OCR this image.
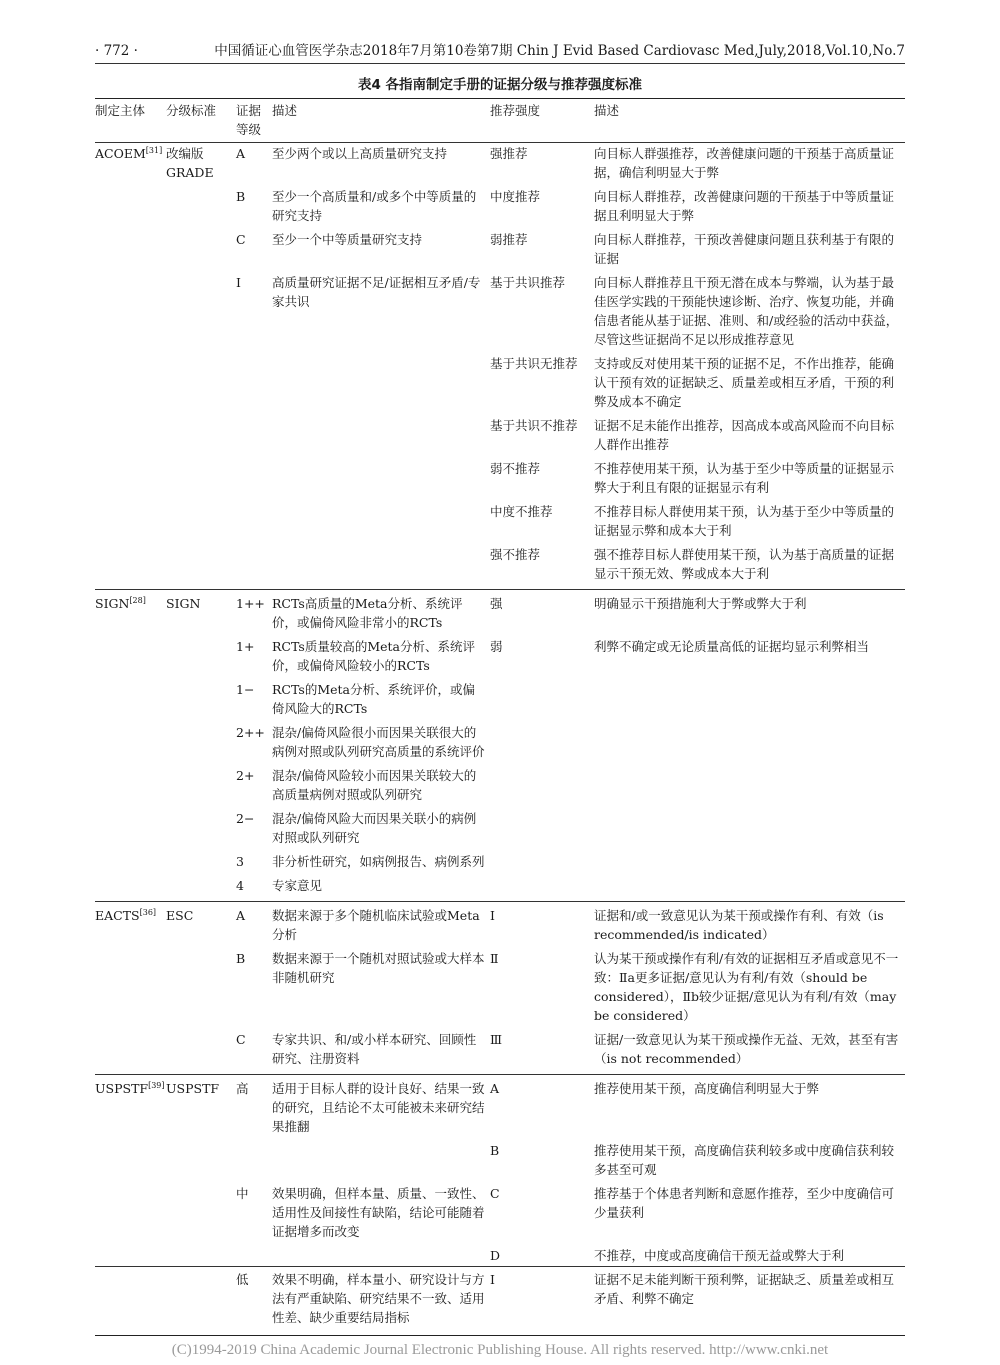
· 772 ·	中国循证心血管医学杂志2018年7月第10卷第7期 Chin J Evid Based Cardiovasc Med,July,2018,Vol.10,No.7
表4 各指南制定手册的证据分级与推荐强度标准
制定主体	分级标准	证据等级	描述	推荐强度	描述
ACOEM[31]	改编版GRADE	A	至少两个或以上高质量研究支持	强推荐	向目标人群强推荐，改善健康问题的干预基于高质量证据，确信利明显大于弊
		B	至少一个高质量和/或多个中等质量的研究支持	中度推荐	向目标人群推荐，改善健康问题的干预基于中等质量证据且利明显大于弊
		C	至少一个中等质量研究支持	弱推荐	向目标人群推荐，干预改善健康问题且获利基于有限的证据
		I	高质量研究证据不足/证据相互矛盾/专家共识	基于共识推荐	向目标人群推荐且干预无潜在成本与弊端，认为基于最佳医学实践的干预能快速诊断、治疗、恢复功能，并确信患者能从基于证据、准则、和/或经验的活动中获益，尽管这些证据尚不足以形成推荐意见
				基于共识无推荐	支持或反对使用某干预的证据不足，不作出推荐，能确认干预有效的证据缺乏、质量差或相互矛盾，干预的利弊及成本不确定
				基于共识不推荐	证据不足未能作出推荐，因高成本或高风险而不向目标人群作出推荐
				弱不推荐	不推荐使用某干预，认为基于至少中等质量的证据显示弊大于利且有限的证据显示有利
				中度不推荐	不推荐目标人群使用某干预，认为基于至少中等质量的证据显示弊和成本大于利
				强不推荐	强不推荐目标人群使用某干预，认为基于高质量的证据显示干预无效、弊或成本大于利
SIGN[28]	SIGN	1++	RCTs高质量的Meta分析、系统评价，或偏倚风险非常小的RCTs	强	明确显示干预措施利大于弊或弊大于利
		1+	RCTs质量较高的Meta分析、系统评价，或偏倚风险较小的RCTs	弱	利弊不确定或无论质量高低的证据均显示利弊相当
		1−	RCTs的Meta分析、系统评价，或偏倚风险大的RCTs		
		2++	混杂/偏倚风险很小而因果关联很大的病例对照或队列研究高质量的系统评价		
		2+	混杂/偏倚风险较小而因果关联较大的高质量病例对照或队列研究		
		2−	混杂/偏倚风险大而因果关联小的病例对照或队列研究		
		3	非分析性研究，如病例报告、病例系列		
		4	专家意见		
EACTS[36]	ESC	A	数据来源于多个随机临床试验或Meta分析	Ⅰ	证据和/或一致意见认为某干预或操作有利、有效（is recommended/is indicated）
		B	数据来源于一个随机对照试验或大样本非随机研究	Ⅱ	认为某干预或操作有利/有效的证据相互矛盾或意见不一致：Ⅱa更多证据/意见认为有利/有效（should be considered），Ⅱb较少证据/意见认为有利/有效（may be considered）
		C	专家共识、和/或小样本研究、回顾性研究、注册资料	Ⅲ	证据/一致意见认为某干预或操作无益、无效，甚至有害（is not recommended）
USPSTF[39]	USPSTF	高	适用于目标人群的设计良好、结果一致的研究，且结论不太可能被未来研究结果推翻	A	推荐使用某干预，高度确信利明显大于弊
				B	推荐使用某干预，高度确信获利较多或中度确信获利较多甚至可观
		中	效果明确，但样本量、质量、一致性、适用性及间接性有缺陷，结论可能随着证据增多而改变	C	推荐基于个体患者判断和意愿作推荐，至少中度确信可少量获利
				D	不推荐，中度或高度确信干预无益或弊大于利
		低	效果不明确，样本量小、研究设计与方法有严重缺陷、研究结果不一致、适用性差、缺少重要结局指标	I	证据不足未能判断干预利弊，证据缺乏、质量差或相互矛盾、利弊不确定
(C)1994-2019 China Academic Journal Electronic Publishing House. All rights reserved. http://www.cnki.net
